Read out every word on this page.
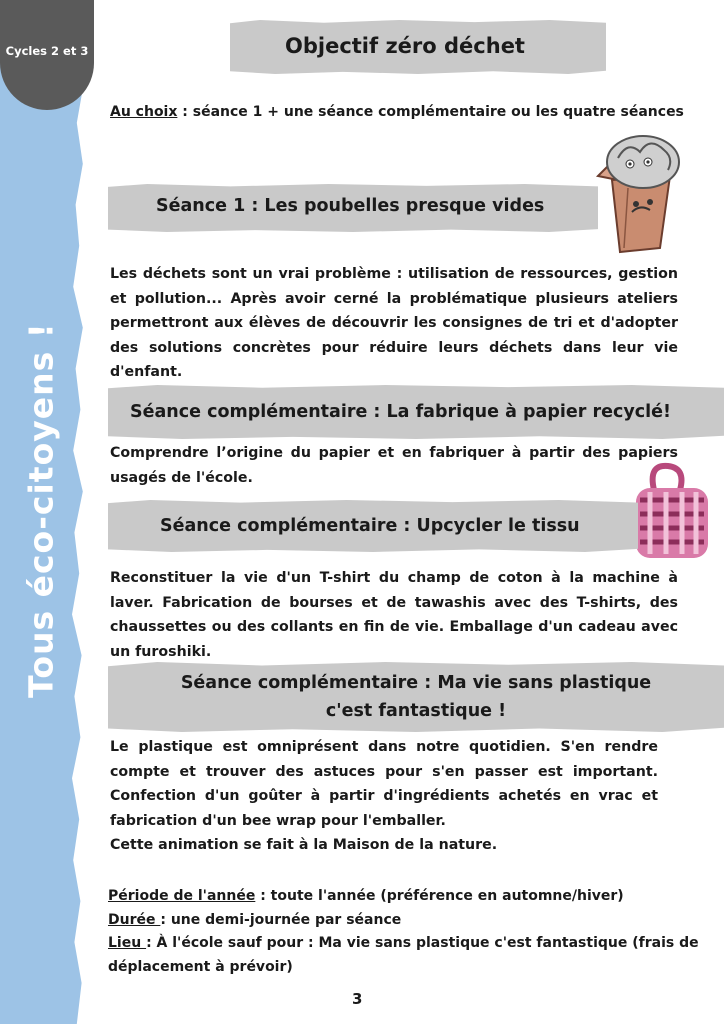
Cycles 2 et 3
Tous éco-citoyens !
Objectif zéro déchet
Au choix : séance 1 + une séance complémentaire ou les quatre séances
Séance 1 : Les poubelles presque vides
Les déchets sont un vrai problème : utilisation de ressources, gestion et pollution... Après avoir cerné la problématique plusieurs ateliers permettront aux élèves de découvrir les consignes de tri et d'adopter des solutions concrètes pour réduire leurs déchets dans leur vie d'enfant.
Séance complémentaire : La fabrique à papier recyclé!
Comprendre l’origine du papier et en fabriquer à partir des papiers usagés de l'école.
Séance complémentaire : Upcycler le tissu
Reconstituer la vie d'un T-shirt du champ de coton à la machine à laver. Fabrication de bourses et de tawashis avec des T-shirts, des chaussettes ou des collants en fin de vie. Emballage d'un cadeau avec un furoshiki.
Séance complémentaire : Ma vie sans plastique
c'est fantastique !
Le plastique est omniprésent dans notre quotidien. S'en rendre compte et trouver des astuces pour s'en passer est important. Confection d'un goûter à partir d'ingrédients achetés en vrac et fabrication d'un bee wrap pour l'emballer.
Cette animation se fait à la Maison de la nature.
Période de l'année : toute l'année (préférence en automne/hiver)
Durée : une demi-journée par séance
Lieu : À l'école sauf pour : Ma vie sans plastique c'est fantastique (frais de déplacement à prévoir)
3
